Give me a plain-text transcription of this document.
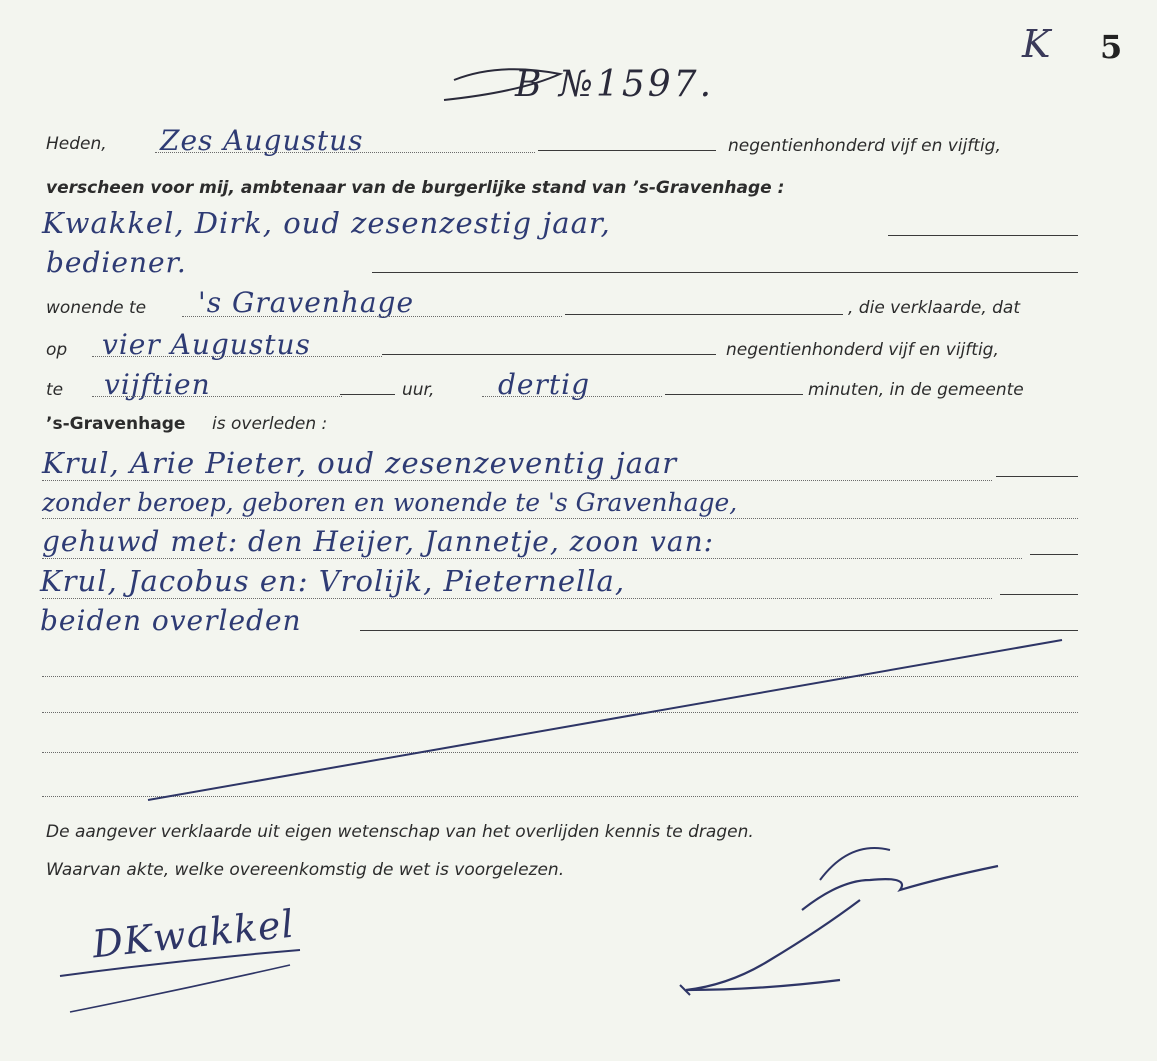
K 5
B №1597.
Heden, Zes Augustus	negentienhonderd vijf en vijftig,
verscheen voor mij, ambtenaar van de burgerlijke stand van ’s-Gravenhage :
Kwakkel, Dirk, oud zesenzestig jaar,
bediener.
wonende te 's Gravenhage	, die verklaarde, dat
op vier Augustus	negentienhonderd vijf en vijftig,
te vijftien	uur, dertig	minuten, in de gemeente
’s-Gravenhage is overleden :
Krul, Arie Pieter, oud zesenzeventig jaar
zonder beroep, geboren en wonende te 's Gravenhage,
gehuwd met: den Heijer, Jannetje, zoon van:
Krul, Jacobus en: Vrolijk, Pieternella,
beiden overleden
De aangever verklaarde uit eigen wetenschap van het overlijden kennis te dragen.
Waarvan akte, welke overeenkomstig de wet is voorgelezen.
DKwakkel
